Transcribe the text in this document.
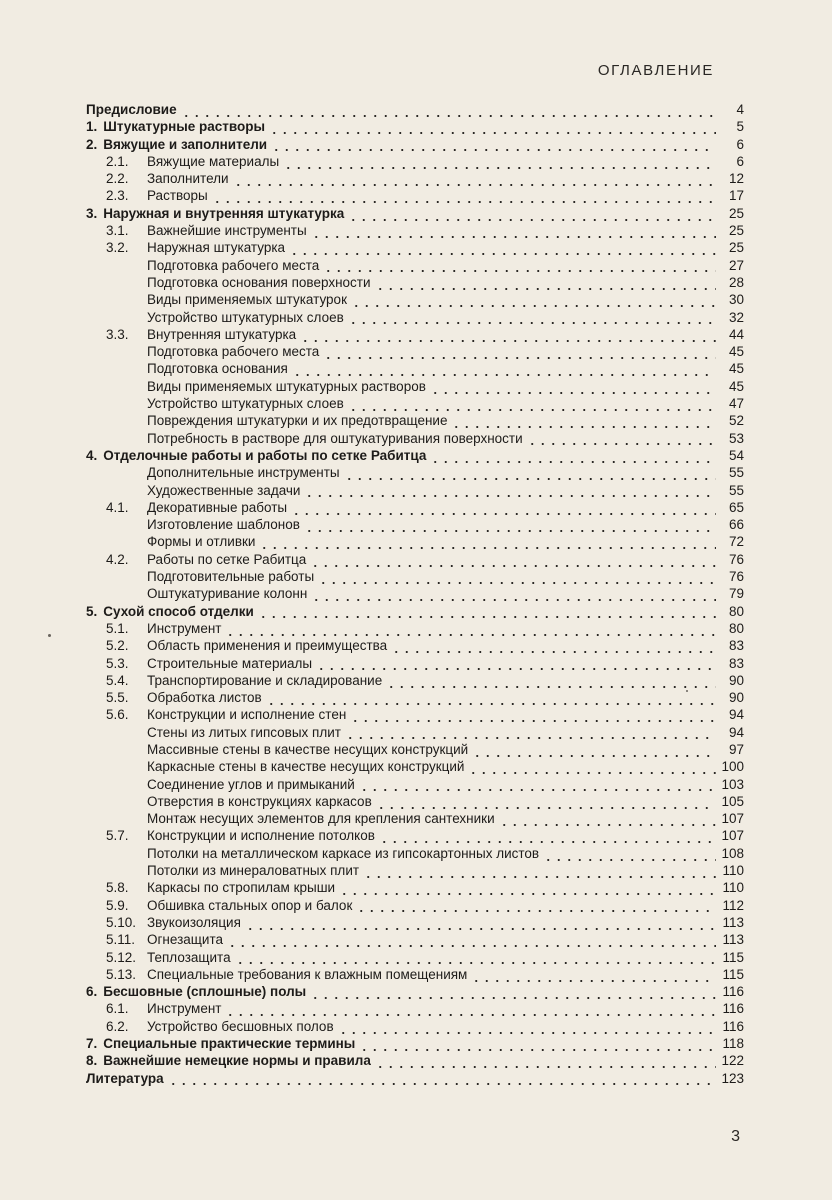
ОГЛАВЛЕНИЕ
Предисловие	4
1. Штукатурные растворы	5
2. Вяжущие и заполнители	6
2.1.	Вяжущие материалы	6
2.2.	Заполнители	12
2.3.	Растворы	17
3. Наружная и внутренняя штукатурка	25
3.1.	Важнейшие инструменты	25
3.2.	Наружная штукатурка	25
Подготовка рабочего места	27
Подготовка основания поверхности	28
Виды применяемых штукатурок	30
Устройство штукатурных слоев	32
3.3.	Внутренняя штукатурка	44
Подготовка рабочего места	45
Подготовка основания	45
Виды применяемых штукатурных растворов	45
Устройство штукатурных слоев	47
Повреждения штукатурки и их предотвращение	52
Потребность в растворе для оштукатуривания поверхности	53
4. Отделочные работы и работы по сетке Рабитца	54
Дополнительные инструменты	55
Художественные задачи	55
4.1.	Декоративные работы	65
Изготовление шаблонов	66
Формы и отливки	72
4.2.	Работы по сетке Рабитца	76
Подготовительные работы	76
Оштукатуривание колонн	79
5. Сухой способ отделки	80
5.1.	Инструмент	80
5.2.	Область применения и преимущества	83
5.3.	Строительные материалы	83
5.4.	Транспортирование и складирование	90
5.5.	Обработка листов	90
5.6.	Конструкции и исполнение стен	94
Стены из литых гипсовых плит	94
Массивные стены в качестве несущих конструкций	97
Каркасные стены в качестве несущих конструкций	100
Соединение углов и примыканий	103
Отверстия в конструкциях каркасов	105
Монтаж несущих элементов для крепления сантехники	107
5.7.	Конструкции и исполнение потолков	107
Потолки на металлическом каркасе из гипсокартонных листов	108
Потолки из минераловатных плит	110
5.8.	Каркасы по стропилам крыши	110
5.9.	Обшивка стальных опор и балок	112
5.10. Звукоизоляция	113
5.11. Огнезащита	113
5.12. Теплозащита	115
5.13. Специальные требования к влажным помещениям	115
6. Бесшовные (сплошные) полы	116
6.1.	Инструмент	116
6.2.	Устройство бесшовных полов	116
7. Специальные практические термины	118
8. Важнейшие немецкие нормы и правила	122
Литература	123
3
